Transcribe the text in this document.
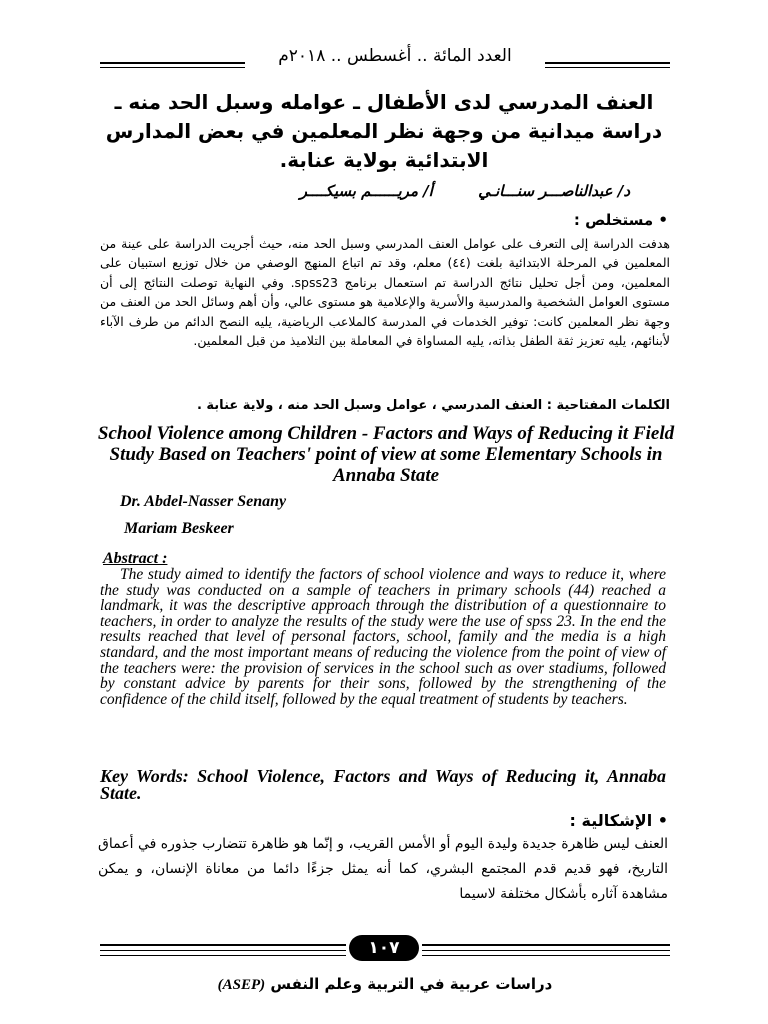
العدد المائة .. أغسطس .. ٢٠١٨م
العنف المدرسي لدى الأطفال ـ عوامله وسبل الحد منه ـ دراسة ميدانية من وجهة نظر المعلمين في بعض المدارس الابتدائية بولاية عنابة.
د/ عبدالناصـــر سنـــانـي أ/ مريــــــم بسيكــــر
• مستخلص :
هدفت الدراسة إلى التعرف على عوامل العنف المدرسي وسبل الحد منه، حيث أجريت الدراسة على عينة من المعلمين في المرحلة الابتدائية بلغت (٤٤) معلم، وقد تم اتباع المنهج الوصفي من خلال توزيع استبيان على المعلمين، ومن أجل تحليل نتائج الدراسة تم استعمال برنامج spss23. وفي النهاية توصلت النتائج إلى أن مستوى العوامل الشخصية والمدرسية والأسرية والإعلامية هو مستوى عالي، وأن أهم وسائل الحد من العنف من وجهة نظر المعلمين كانت: توفير الخدمات في المدرسة كالملاعب الرياضية، يليه النصح الدائم من طرف الآباء لأبنائهم، يليه تعزيز ثقة الطفل بذاته، يليه المساواة في المعاملة بين التلاميذ من قبل المعلمين.
الكلمات المفتاحية : العنف المدرسي ، عوامل وسبل الحد منه ، ولاية عنابة .
School Violence among Children - Factors and Ways of Reducing it Field Study Based on Teachers' point of view at some Elementary Schools in Annaba State
Dr. Abdel-Nasser Senany
Mariam Beskeer
Abstract :
The study aimed to identify the factors of school violence and ways to reduce it, where the study was conducted on a sample of teachers in primary schools (44) reached a landmark, it was the descriptive approach through the distribution of a questionnaire to teachers, in order to analyze the results of the study were the use of spss 23. In the end the results reached that level of personal factors, school, family and the media is a high standard, and the most important means of reducing the violence from the point of view of the teachers were: the provision of services in the school such as over stadiums, followed by constant advice by parents for their sons, followed by the strengthening of the confidence of the child itself, followed by the equal treatment of students by teachers.
Key Words: School Violence, Factors and Ways of Reducing it, Annaba State.
• الإشكالية :
العنف ليس ظاهرة جديدة وليدة اليوم أو الأمس القريب، و إنّما هو ظاهرة تتضارب جذوره في أعماق التاريخ، فهو قديم قدم المجتمع البشري، كما أنه يمثل جزءًا دائما من معاناة الإنسان، و يمكن مشاهدة آثاره بأشكال مختلفة لاسيما
١٠٧
(ASEP) دراسات عربية في التربية وعلم النفس
